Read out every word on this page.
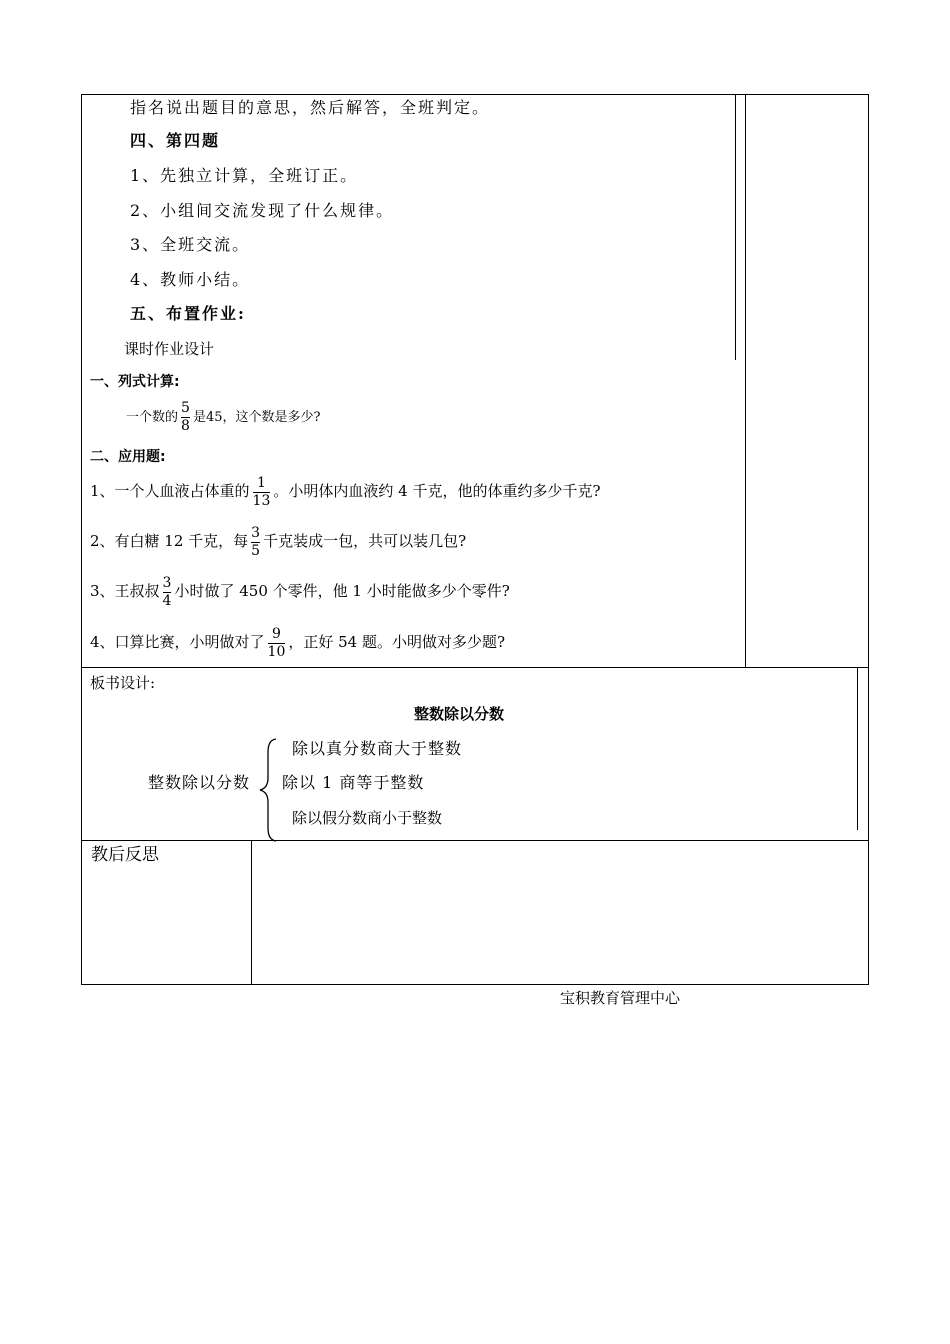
指名说出题目的意思，然后解答，全班判定。
四、第四题
1、先独立计算，全班订正。
2、小组间交流发现了什么规律。
3、全班交流。
4、教师小结。
五、布置作业:
课时作业设计
一、列式计算:
一个数的 $\frac{5}{8}$ 是45，这个数是多少?
二、应用题:
1、一个人血液占体重的 $\frac{1}{13}$ 。小明体内血液约 4 千克，他的体重约多少千克?
2、有白糖 12 千克，每 $\frac{3}{5}$ 千克装成一包，共可以装几包?
3、王叔叔 $\frac{3}{4}$ 小时做了 450 个零件，他 1 小时能做多少个零件?
4、口算比赛，小明做对了 $\frac{9}{10}$ ，正好 54 题。小明做对多少题?
板书设计:
整数除以分数
整数除以分数
除以真分数商大于整数
除以 1 商等于整数
除以假分数商小于整数
教后反思
宝积教育管理中心
